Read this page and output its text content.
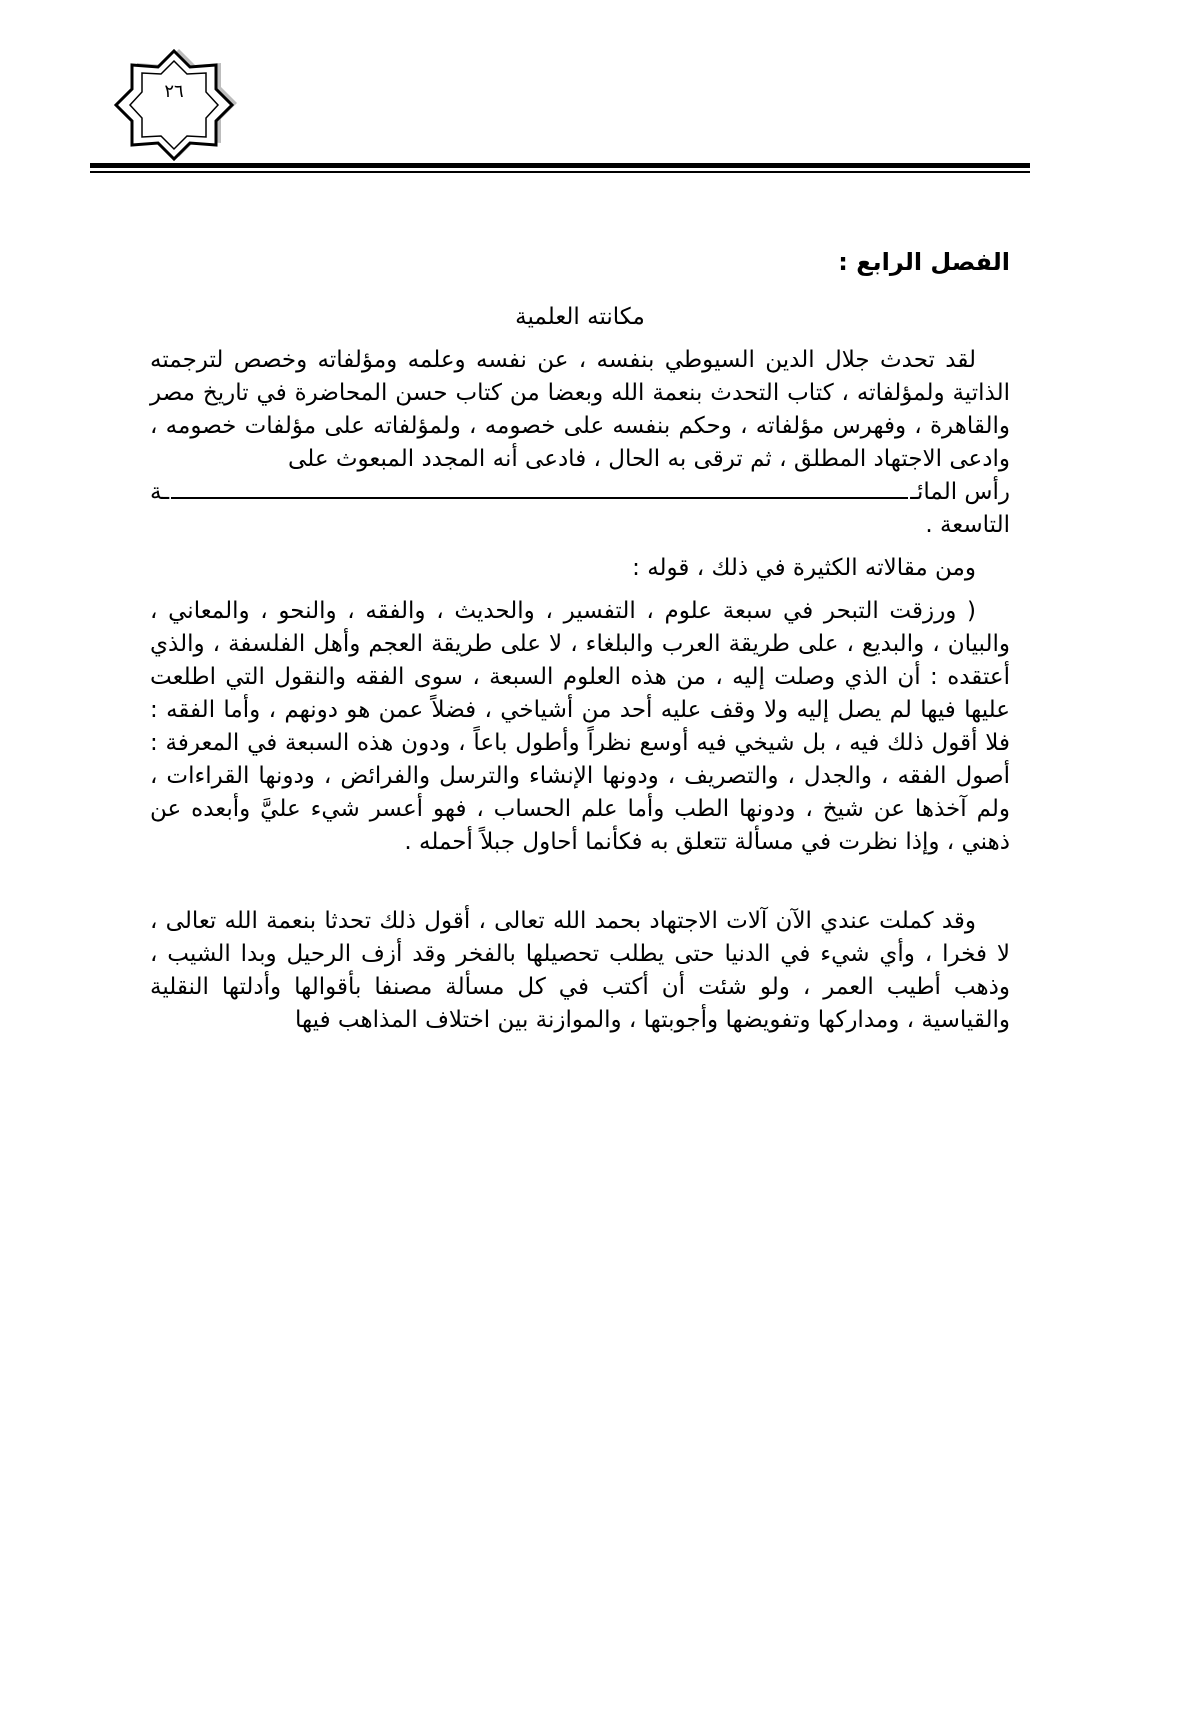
٢٦

الفصل الرابع :

مكانته العلمية

لقد تحدث جلال الدين السيوطي بنفسه ، عن نفسه وعلمه ومؤلفاته وخصص لترجمته الذاتية ولمؤلفاته ، كتاب التحدث بنعمة الله وبعضا من كتاب حسن المحاضرة في تاريخ مصر والقاهرة ، وفهرس مؤلفاته ، وحكم بنفسه على خصومه ، ولمؤلفاته على مؤلفات خصومه ، وادعى الاجتهاد المطلق ، ثم ترقى به الحال ، فادعى أنه المجدد المبعوث على

رأس المائـ
ـة

التاسعة .

ومن مقالاته الكثيرة في ذلك ، قوله :

( ورزقت التبحر في سبعة علوم ، التفسير ، والحديث ، والفقه ، والنحو ، والمعاني ، والبيان ، والبديع ، على طريقة العرب والبلغاء ، لا على طريقة العجم وأهل الفلسفة ، والذي أعتقده : أن الذي وصلت إليه ، من هذه العلوم السبعة ، سوى الفقه والنقول التي اطلعت عليها فيها لم يصل إليه ولا وقف عليه أحد من أشياخي ، فضلاً عمن هو دونهم ، وأما الفقه : فلا أقول ذلك فيه ، بل شيخي فيه أوسع نظراً وأطول باعاً ، ودون هذه السبعة في المعرفة : أصول الفقه ، والجدل ، والتصريف ، ودونها الإنشاء والترسل والفرائض ، ودونها القراءات ، ولم آخذها عن شيخ ، ودونها الطب وأما علم الحساب ، فهو أعسر شيء عليَّ وأبعده عن ذهني ، وإذا نظرت في مسألة تتعلق به فكأنما أحاول جبلاً أحمله .

وقد كملت عندي الآن آلات الاجتهاد بحمد الله تعالى ، أقول ذلك تحدثا بنعمة الله تعالى ، لا فخرا ، وأي شيء في الدنيا حتى يطلب تحصيلها بالفخر وقد أزف الرحيل وبدا الشيب ، وذهب أطيب العمر ، ولو شئت أن أكتب في كل مسألة مصنفا بأقوالها وأدلتها النقلية والقياسية ، ومداركها وتفويضها وأجوبتها ، والموازنة بين اختلاف المذاهب فيها
